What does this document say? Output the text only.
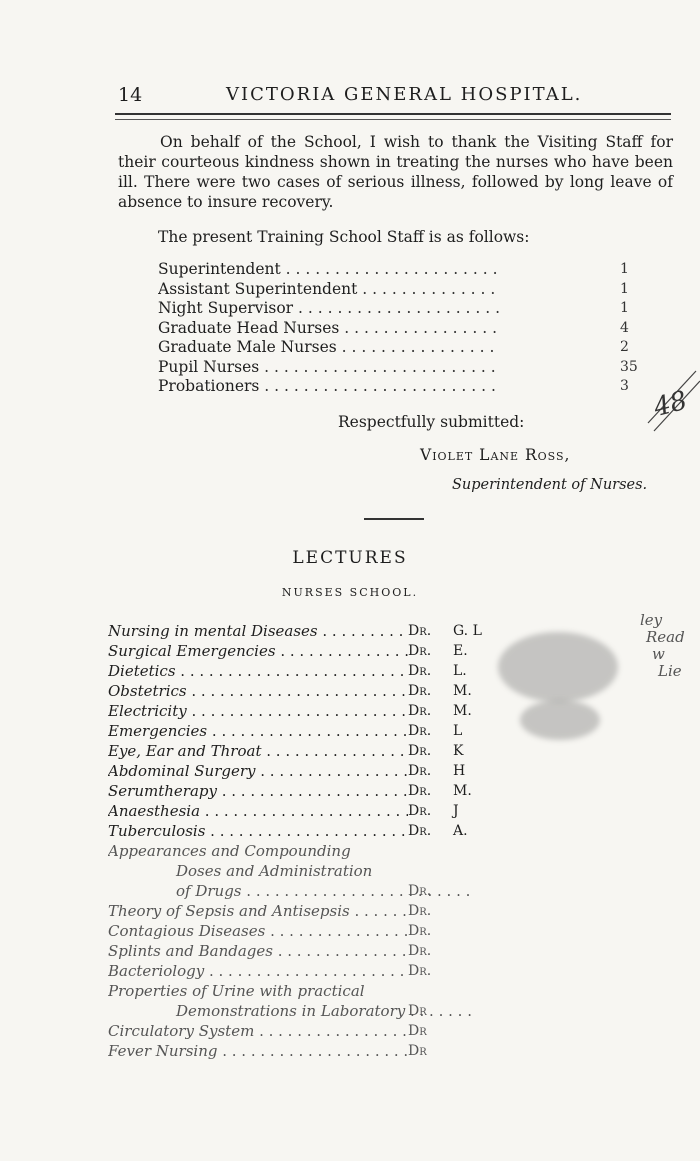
14	VICTORIA GENERAL HOSPITAL.
On behalf of the School, I wish to thank the Visiting Staff for their courteous kindness shown in treating the nurses who have been ill. There were two cases of serious illness, followed by long leave of absence to insure recovery.
The present Training School Staff is as follows:
Superintendent . . .	1
Assistant Superintendent . . .	1
Night Supervisor . . .	1
Graduate Head Nurses . . .	4
Graduate Male Nurses . . .	2
Pupil Nurses . . .	35
Probationers . . .	3 48
Respectfully submitted:
Violet Lane Ross,
Superintendent of Nurses.
LECTURES
NURSES SCHOOL.
Nursing in mental Diseases . . .	Dr. G. L
Surgical Emergencies . . .	Dr. E.
Dietetics . . .	Dr. L.
Obstetrics . . .	Dr. M.
Electricity . . .	Dr. M.
Emergencies . . .	Dr. L
Eye, Ear and Throat . . .	Dr. K
Abdominal Surgery . . .	Dr. H
Serumtherapy . . .	Dr. M.
Anaesthesia . . .	Dr. J
Tuberculosis . . .	Dr. A.
Appearances and Compounding
Doses and Administration
of Drugs . . .	Dr.
Theory of Sepsis and Antisepsis . . .	Dr.
Contagious Diseases . . .	Dr.
Splints and Bandages . . .	Dr.
Bacteriology . . .	Dr.
Properties of Urine with practical
Demonstrations in Laboratory . . . Dr
Circulatory System . . .	Dr
Fever Nursing . . .	Dr
ley
Read
w
Lie
